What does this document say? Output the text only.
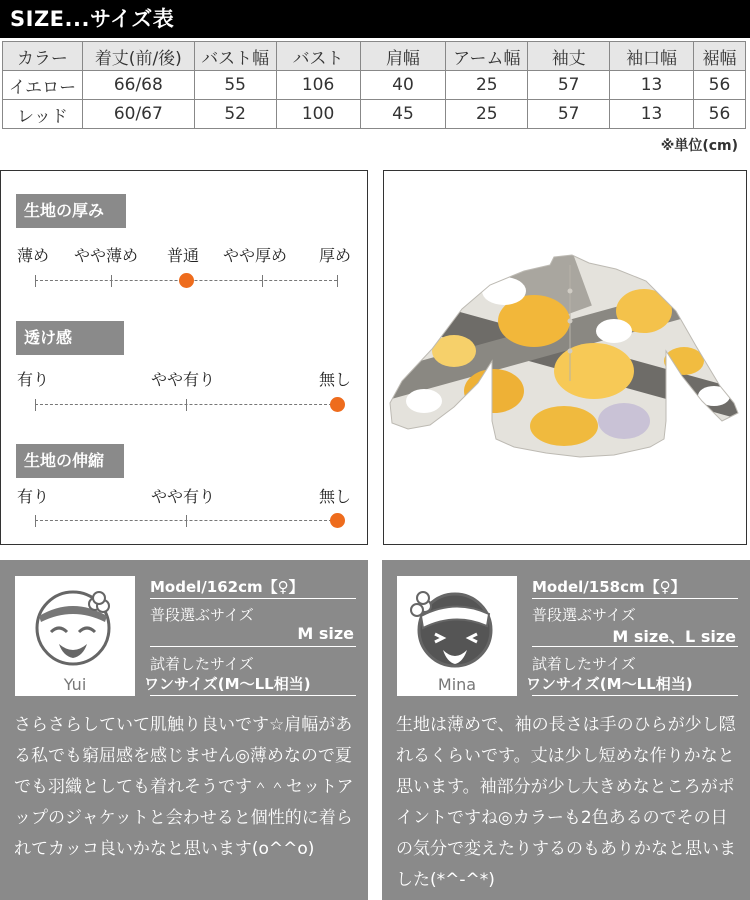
SIZE...サイズ表
カラー	着丈(前/後)	バスト幅	バスト	肩幅	アーム幅	袖丈	袖口幅	裾幅
イエロー	66/68	55	106	40	25	57	13	56
レッド	60/67	52	100	45	25	57	13	56
※単位(cm)
生地の厚み
薄め やや薄め 普通 やや厚め 厚め
透け感
有り	やや有り	無し
生地の伸縮
有り	やや有り	無し
Yui
Model/162cm【♀】
普段選ぶサイズ
M size
試着したサイズ
ワンサイズ(M〜LL相当)
さらさらしていて肌触り良いです☆肩幅がある私でも窮屈感を感じません◎薄めなので夏でも羽織としても着れそうです＾＾セットアップのジャケットと会わせると個性的に着られてカッコ良いかなと思います(o^^o)
Mina
Model/158cm【♀】
普段選ぶサイズ
M size、L size
試着したサイズ
ワンサイズ(M〜LL相当)
生地は薄めで、袖の長さは手のひらが少し隠れるくらいです。丈は少し短めな作りかなと思います。袖部分が少し大きめなところがポイントですね◎カラーも2色あるのでその日の気分で変えたりするのもありかなと思いました(*^-^*)
